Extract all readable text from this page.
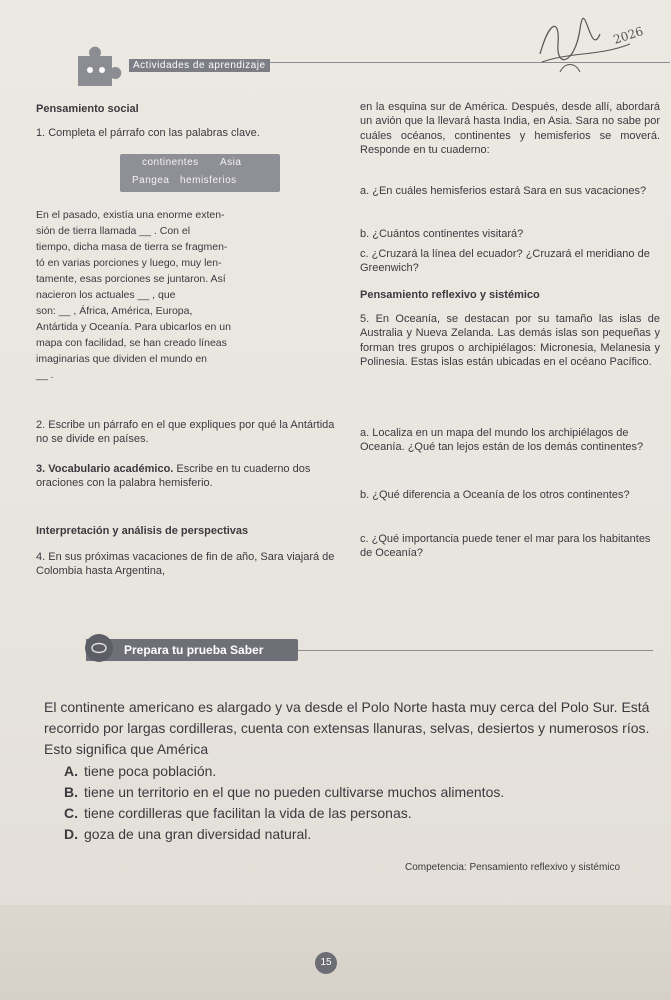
Actividades de aprendizaje
2026
Pensamiento social
1. Completa el párrafo con las palabras clave.
continentes Asia
Pangea hemisferios
En el pasado, existía una enorme exten-
sión de tierra llamada __ . Con el
tiempo, dicha masa de tierra se fragmen-
tó en varias porciones y luego, muy len-
tamente, esas porciones se juntaron. Así
nacieron los actuales __ , que
son: __ , África, América, Europa,
Antártida y Oceanía. Para ubicarlos en un
mapa con facilidad, se han creado líneas
imaginarias que dividen el mundo en
__ .
2. Escribe un párrafo en el que expliques por qué la Antártida no se divide en países.
3. Vocabulario académico. Escribe en tu cuaderno dos oraciones con la palabra hemisferio.
Interpretación y análisis de perspectivas
4. En sus próximas vacaciones de fin de año, Sara viajará de Colombia hasta Argentina,
en la esquina sur de América. Después, desde allí, abordará un avión que la llevará hasta India, en Asia. Sara no sabe por cuáles océanos, continentes y hemisferios se moverá. Responde en tu cuaderno:
a. ¿En cuáles hemisferios estará Sara en sus vacaciones?
b. ¿Cuántos continentes visitará?
c. ¿Cruzará la línea del ecuador? ¿Cruzará el meridiano de Greenwich?
Pensamiento reflexivo y sistémico
5. En Oceanía, se destacan por su tamaño las islas de Australia y Nueva Zelanda. Las demás islas son pequeñas y forman tres grupos o archipiélagos: Micronesia, Melanesia y Polinesia. Estas islas están ubicadas en el océano Pacífico.
a. Localiza en un mapa del mundo los archipiélagos de Oceanía. ¿Qué tan lejos están de los demás continentes?
b. ¿Qué diferencia a Oceanía de los otros continentes?
c. ¿Qué importancia puede tener el mar para los habitantes de Oceanía?
Prepara tu prueba Saber
El continente americano es alargado y va desde el Polo Norte hasta muy cerca del Polo Sur. Está recorrido por largas cordilleras, cuenta con extensas llanuras, selvas, desiertos y numerosos ríos. Esto significa que América
A. tiene poca población.
B. tiene un territorio en el que no pueden cultivarse muchos alimentos.
C. tiene cordilleras que facilitan la vida de las personas.
D. goza de una gran diversidad natural.
Competencia: Pensamiento reflexivo y sistémico
15
